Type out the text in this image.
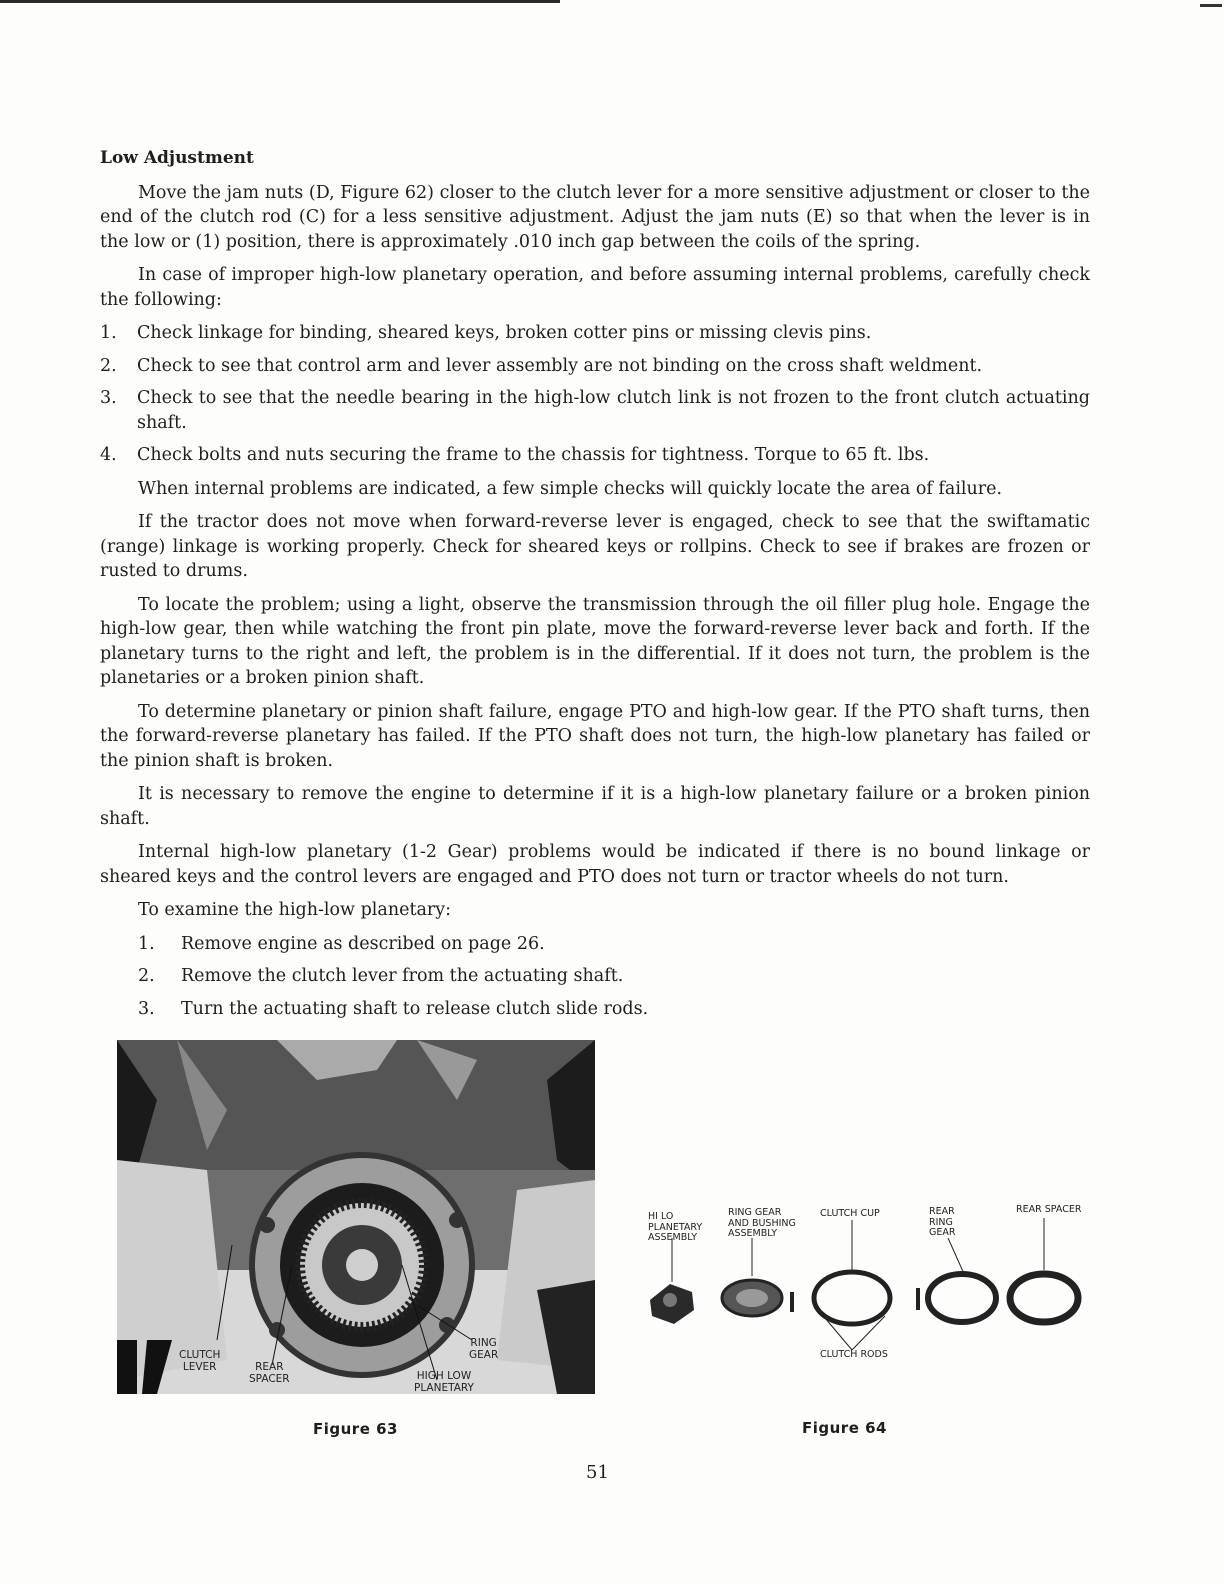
Low Adjustment

Move the jam nuts (D, Figure 62) closer to the clutch lever for a more sensitive adjustment or closer to the end of the clutch rod (C) for a less sensitive adjustment. Adjust the jam nuts (E) so that when the lever is in the low or (1) position, there is approximately .010 inch gap between the coils of the spring.

In case of improper high-low planetary operation, and before assuming internal problems, carefully check the following:

1.	Check linkage for binding, sheared keys, broken cotter pins or missing clevis pins.
2.	Check to see that control arm and lever assembly are not binding on the cross shaft weldment.
3.	Check to see that the needle bearing in the high-low clutch link is not frozen to the front clutch actuating shaft.
4.	Check bolts and nuts securing the frame to the chassis for tightness. Torque to 65 ft. lbs.

When internal problems are indicated, a few simple checks will quickly locate the area of failure.

If the tractor does not move when forward-reverse lever is engaged, check to see that the swiftamatic (range) linkage is working properly. Check for sheared keys or rollpins. Check to see if brakes are frozen or rusted to drums.

To locate the problem; using a light, observe the transmission through the oil filler plug hole. Engage the high-low gear, then while watching the front pin plate, move the forward-reverse lever back and forth. If the planetary turns to the right and left, the problem is in the differential. If it does not turn, the problem is the planetaries or a broken pinion shaft.

To determine planetary or pinion shaft failure, engage PTO and high-low gear. If the PTO shaft turns, then the forward-reverse planetary has failed. If the PTO shaft does not turn, the high-low planetary has failed or the pinion shaft is broken.

It is necessary to remove the engine to determine if it is a high-low planetary failure or a broken pinion shaft.

Internal high-low planetary (1-2 Gear) problems would be indicated if there is no bound linkage or sheared keys and the control levers are engaged and PTO does not turn or tractor wheels do not turn.

To examine the high-low planetary:

1.	Remove engine as described on page 26.
2.	Remove the clutch lever from the actuating shaft.
3.	Turn the actuating shaft to release clutch slide rods.
CLUTCH
LEVER	REAR
SPACER	HIGH LOW
PLANETARY
RING
GEAR
Figure 63
HI LO
PLANETARY
ASSEMBLY
RING GEAR
AND BUSHING
ASSEMBLY
CLUTCH CUP	REAR
RING
GEAR
REAR SPACER
CLUTCH RODS
Figure 64
51
